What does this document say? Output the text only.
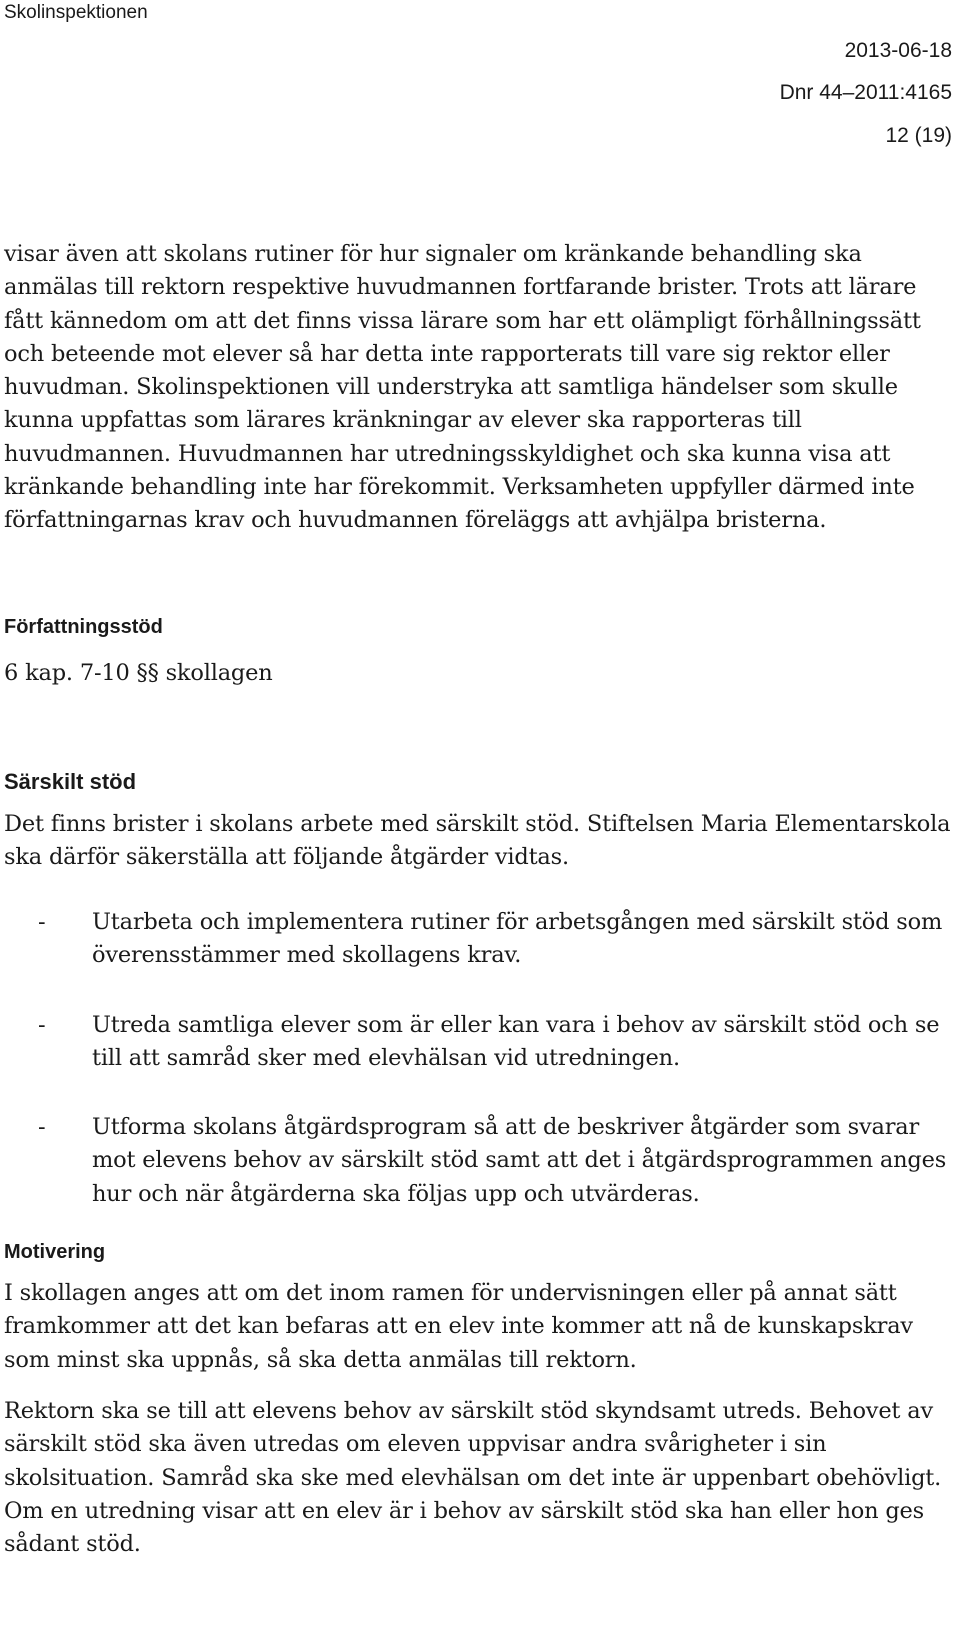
Skolinspektionen
2013-06-18
Dnr 44–2011:4165
12 (19)

visar även att skolans rutiner för hur signaler om kränkande behandling ska anmälas till rektorn respektive huvudmannen fortfarande brister. Trots att lärare fått kännedom om att det finns vissa lärare som har ett olämpligt förhållningssätt och beteende mot elever så har detta inte rapporterats till vare sig rektor eller huvudman. Skolinspektionen vill understryka att samtliga händelser som skulle kunna uppfattas som lärares kränkningar av elever ska rapporteras till huvudmannen. Huvudmannen har utredningsskyldighet och ska kunna visa att kränkande behandling inte har förekommit. Verksamheten uppfyller därmed inte författningarnas krav och huvudmannen föreläggs att avhjälpa bristerna.

Författningsstöd

6 kap. 7-10 §§ skollagen

Särskilt stöd

Det finns brister i skolans arbete med särskilt stöd. Stiftelsen Maria Elementarskola ska därför säkerställa att följande åtgärder vidtas.

- Utarbeta och implementera rutiner för arbetsgången med särskilt stöd som överensstämmer med skollagens krav.
- Utreda samtliga elever som är eller kan vara i behov av särskilt stöd och se till att samråd sker med elevhälsan vid utredningen.
- Utforma skolans åtgärdsprogram så att de beskriver åtgärder som svarar mot elevens behov av särskilt stöd samt att det i åtgärdsprogrammen anges hur och när åtgärderna ska följas upp och utvärderas.
Motivering

I skollagen anges att om det inom ramen för undervisningen eller på annat sätt framkommer att det kan befaras att en elev inte kommer att nå de kunskapskrav som minst ska uppnås, så ska detta anmälas till rektorn.

Rektorn ska se till att elevens behov av särskilt stöd skyndsamt utreds. Behovet av särskilt stöd ska även utredas om eleven uppvisar andra svårigheter i sin skolsituation. Samråd ska ske med elevhälsan om det inte är uppenbart obehövligt. Om en utredning visar att en elev är i behov av särskilt stöd ska han eller hon ges sådant stöd.
